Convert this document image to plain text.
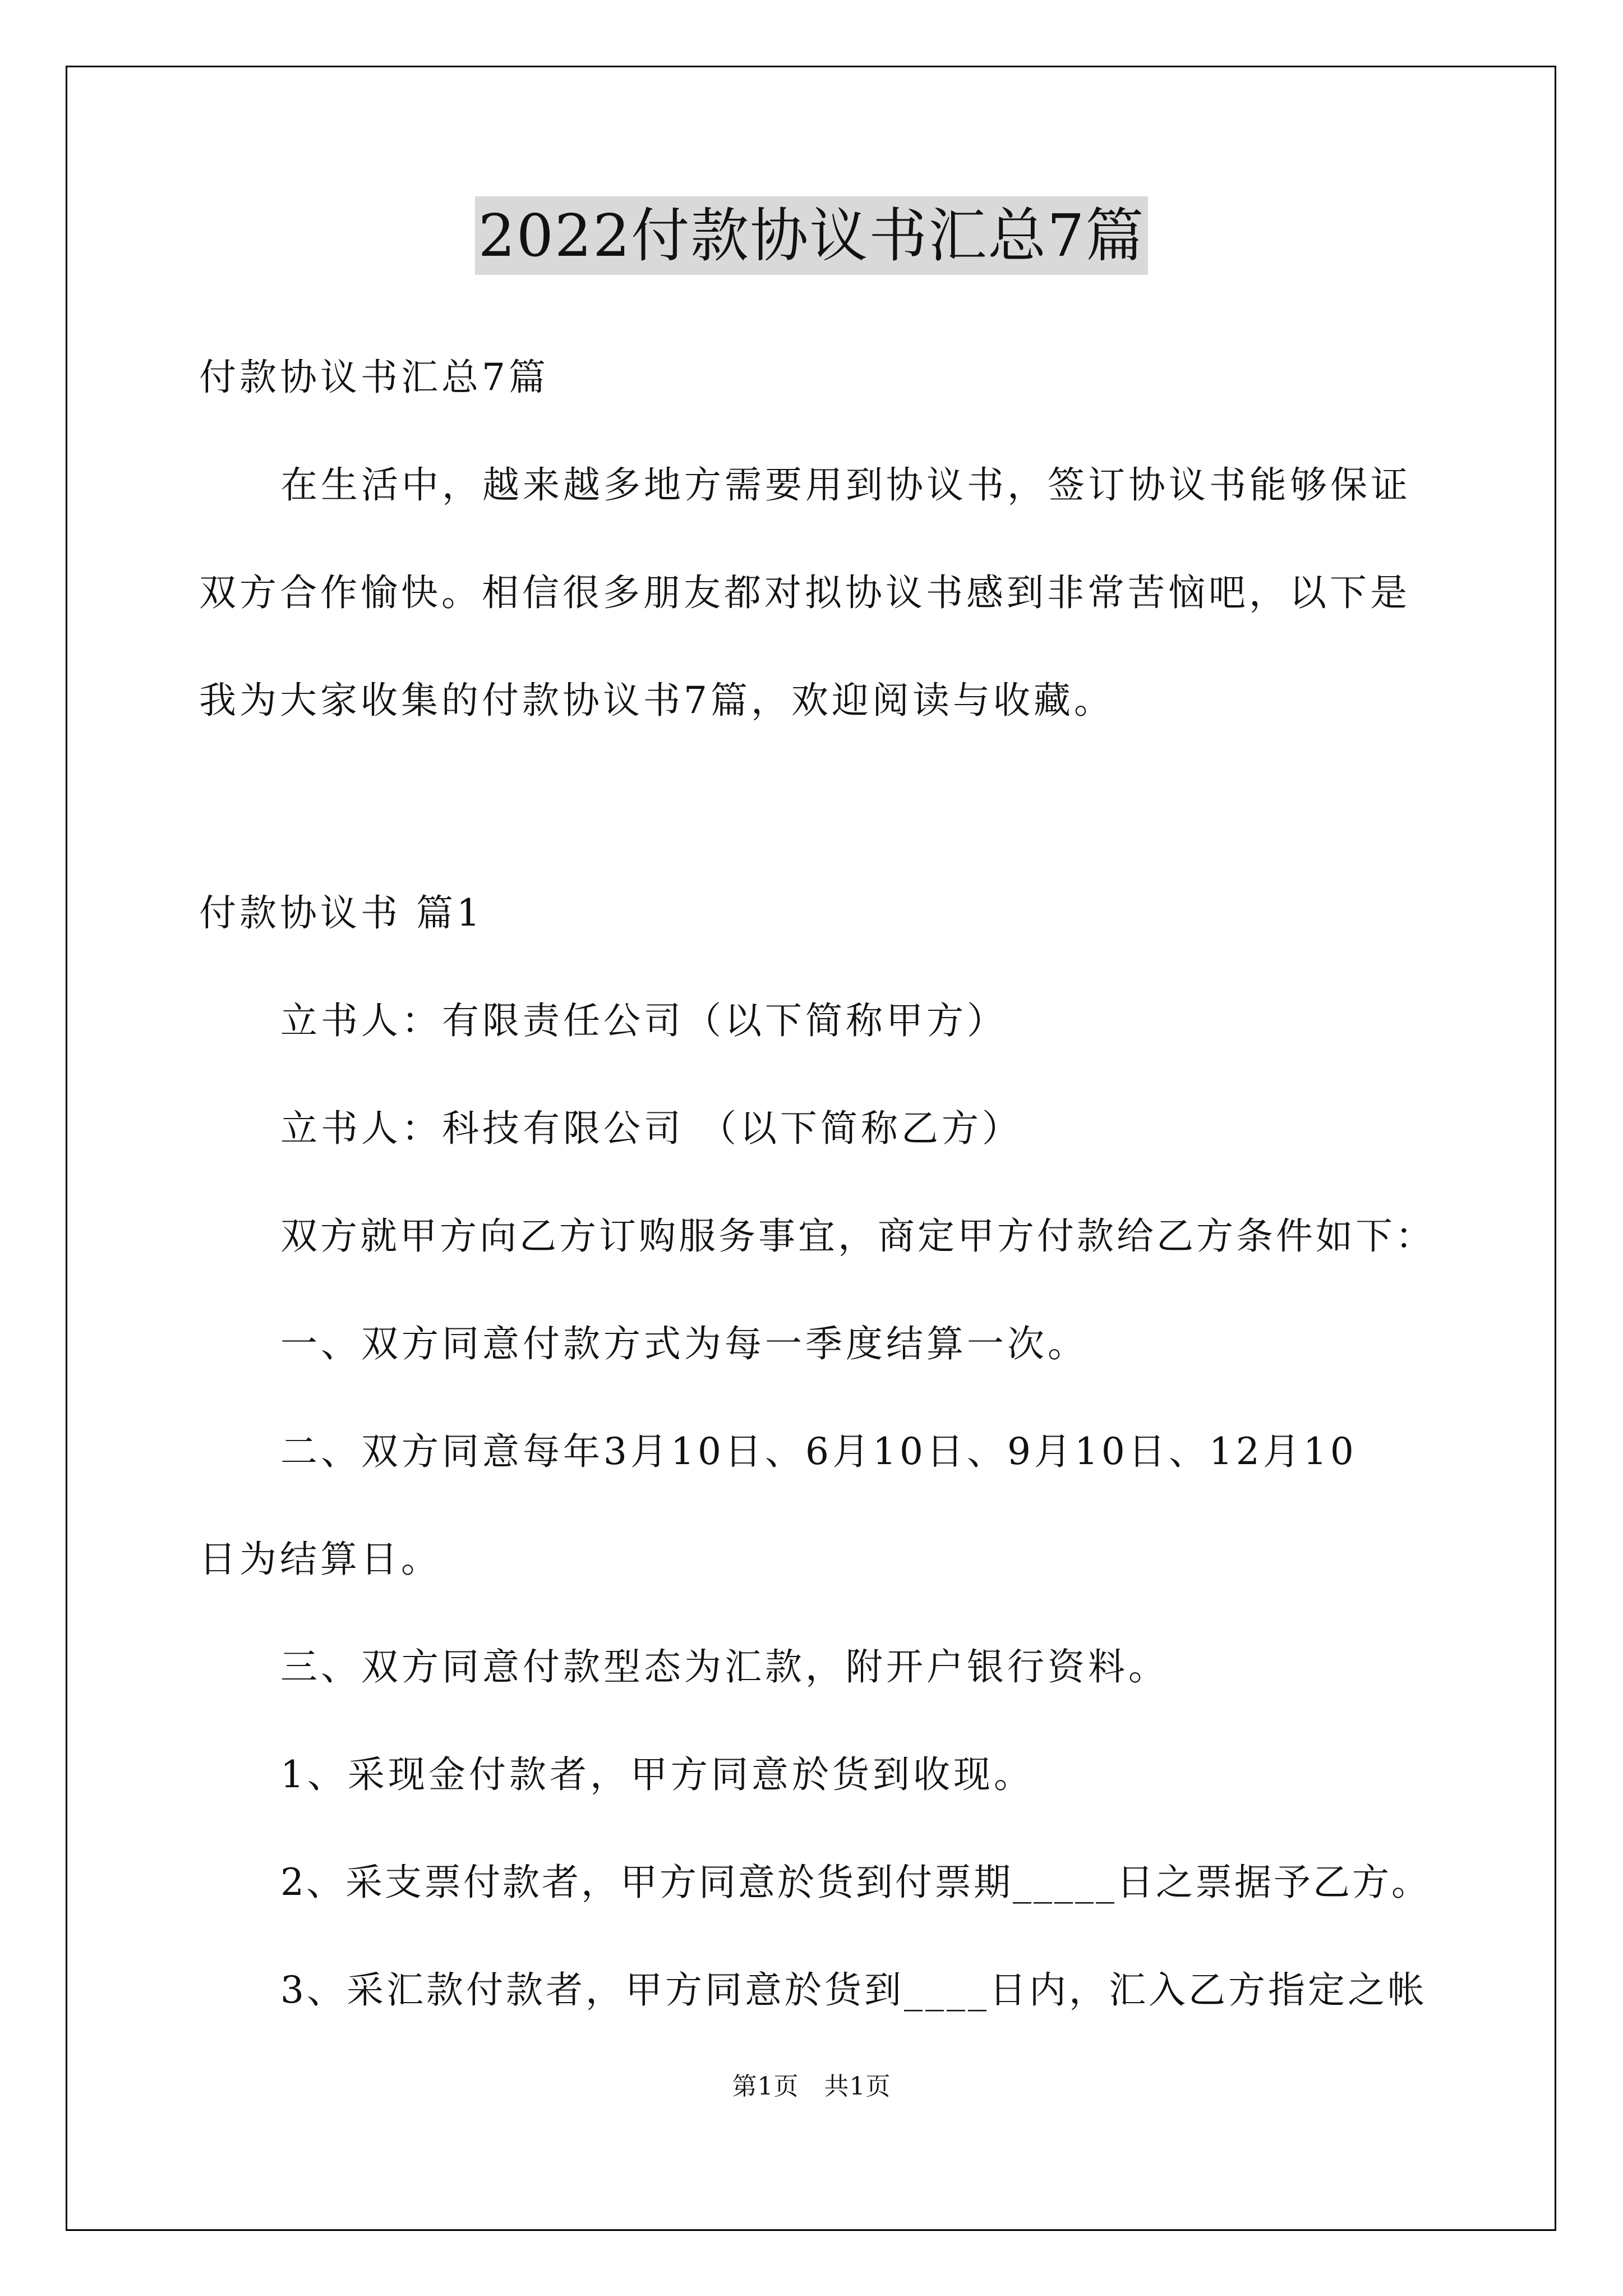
2022付款协议书汇总7篇
付款协议书汇总7篇
在生活中，越来越多地方需要用到协议书，签订协议书能够保证
双方合作愉快。相信很多朋友都对拟协议书感到非常苦恼吧，以下是
我为大家收集的付款协议书7篇，欢迎阅读与收藏。
付款协议书 篇1
立书人：有限责任公司（以下简称甲方）
立书人：科技有限公司 （以下简称乙方）
双方就甲方向乙方订购服务事宜，商定甲方付款给乙方条件如下：
一、双方同意付款方式为每一季度结算一次。
二、双方同意每年3月10日、6月10日、9月10日、12月10
日为结算日。
三、双方同意付款型态为汇款，附开户银行资料。
1、采现金付款者，甲方同意於货到收现。
2、采支票付款者，甲方同意於货到付票期_____日之票据予乙方。
3、采汇款付款者，甲方同意於货到____日内，汇入乙方指定之帐
第1页　共1页
